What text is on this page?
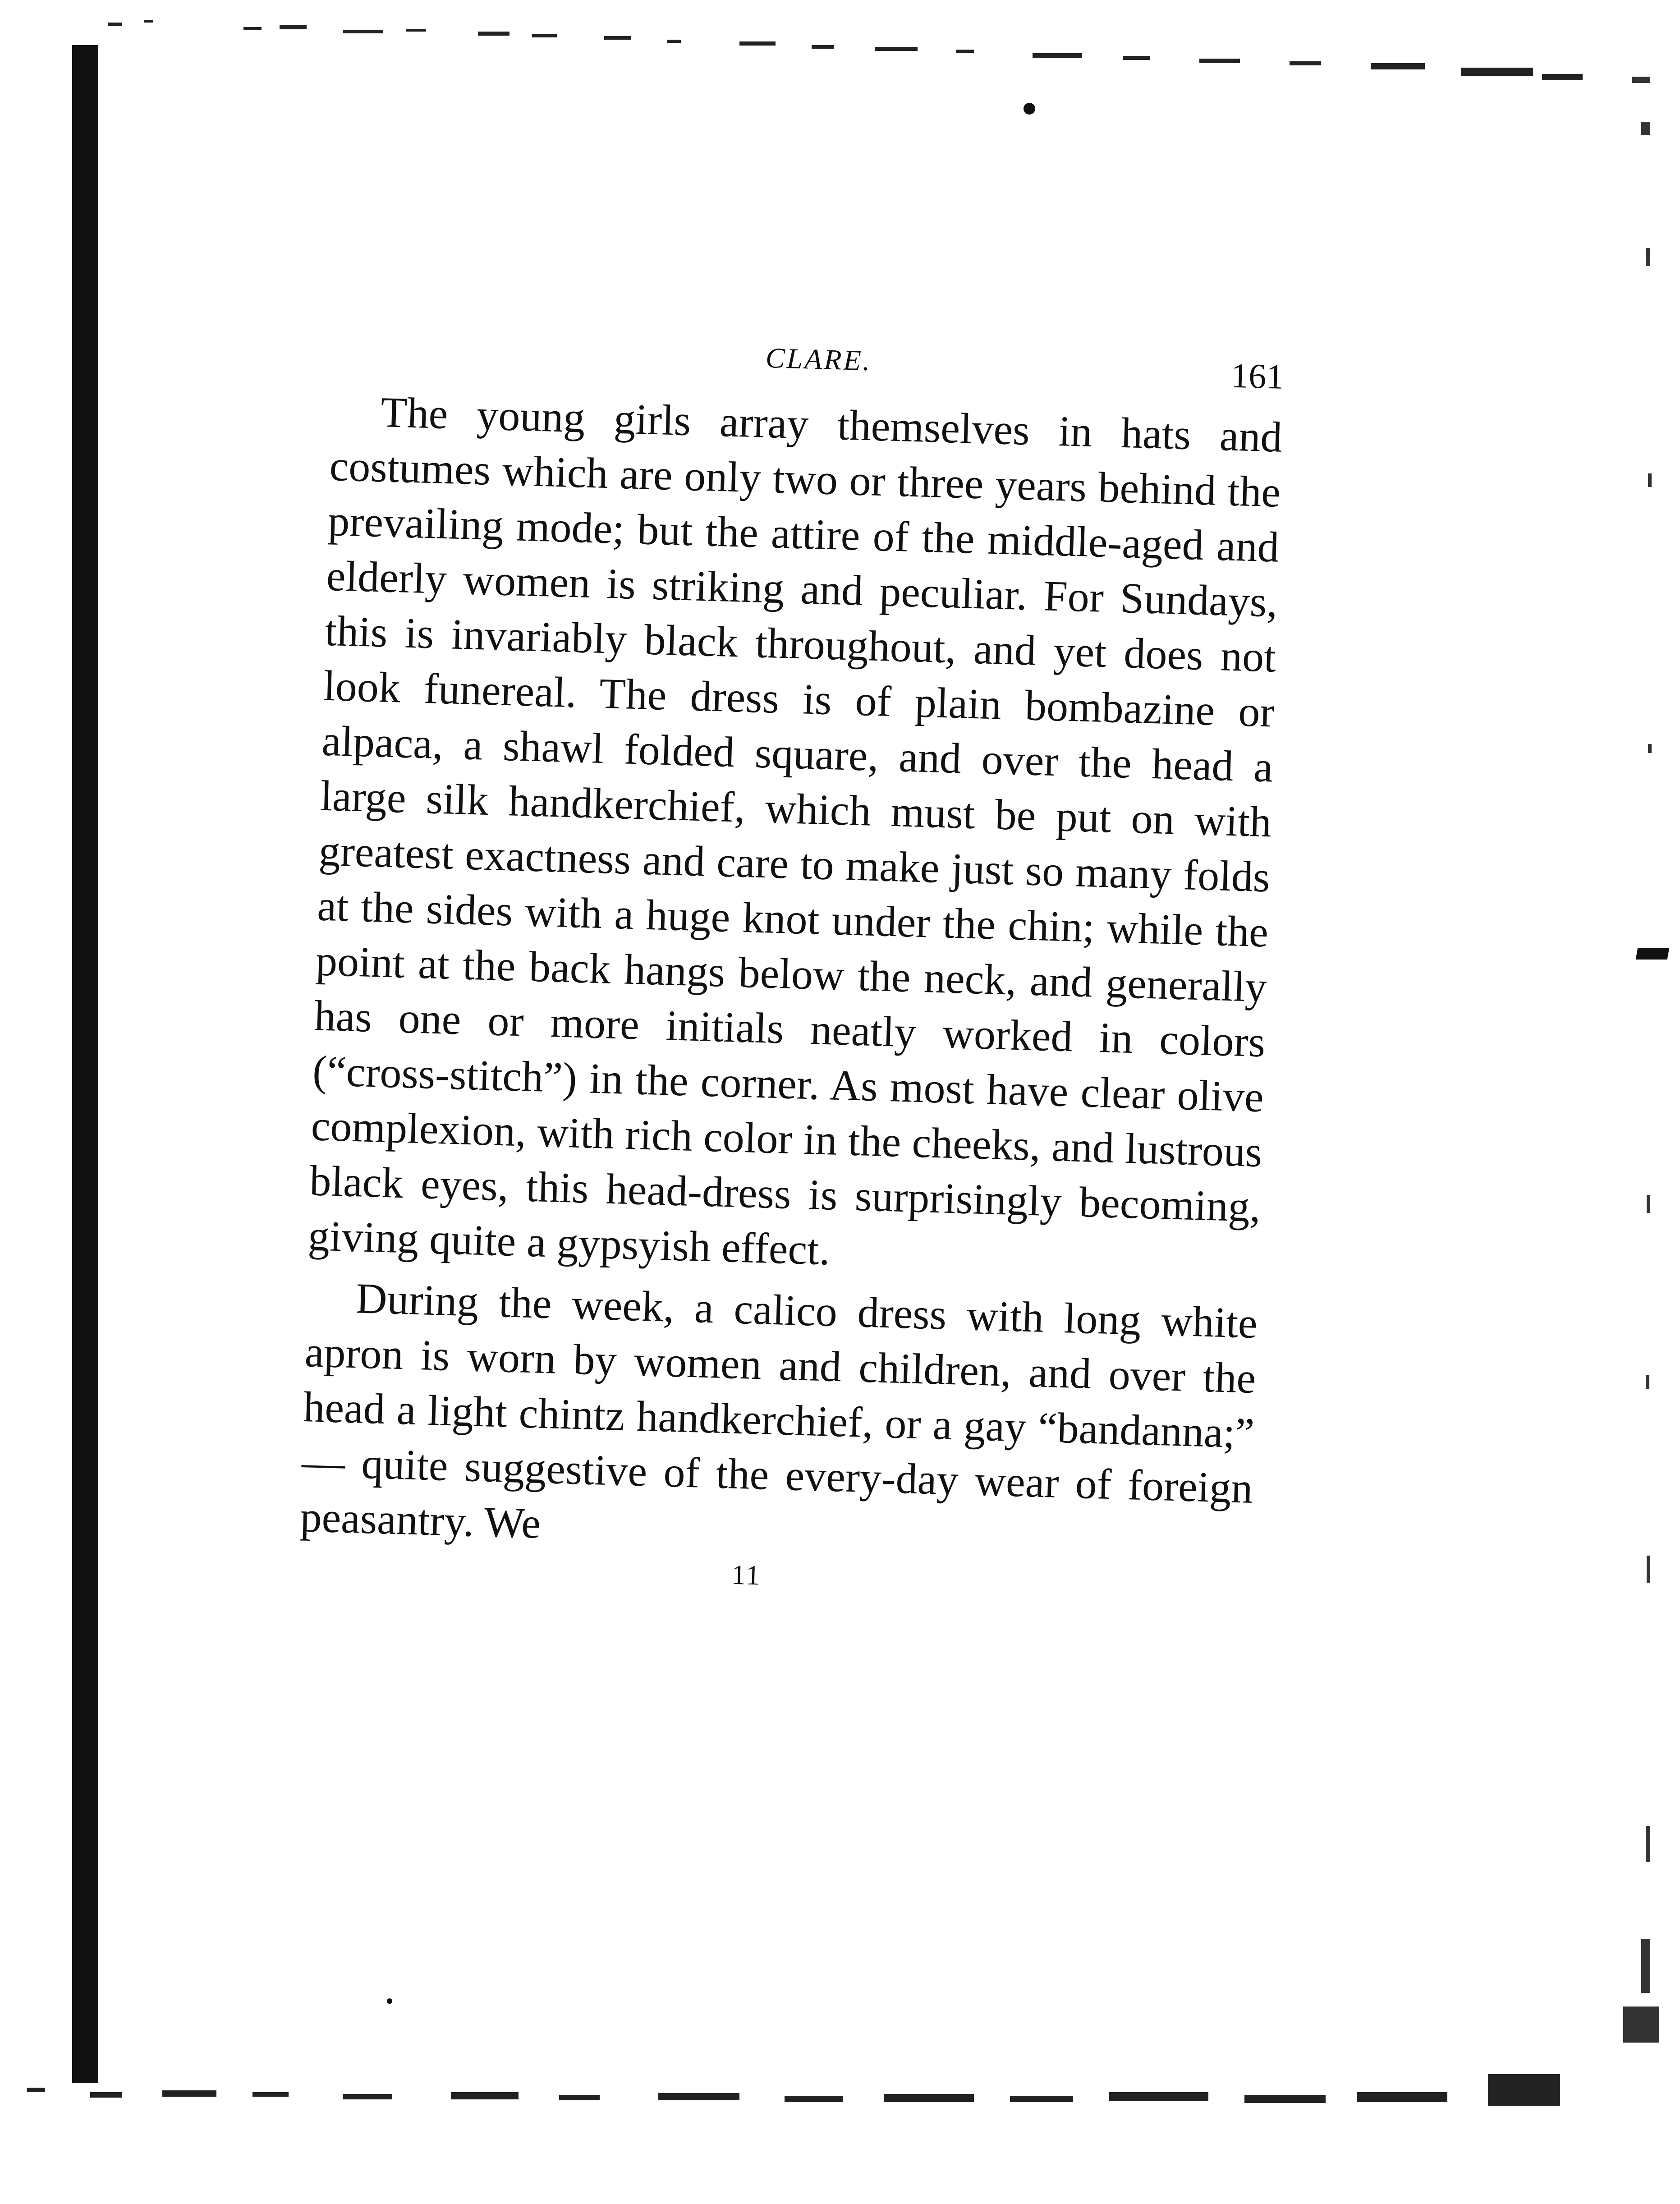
CLARE.	161

The young girls array themselves in hats and costumes which are only two or three years behind the prevailing mode; but the attire of the middle-aged and elderly women is striking and peculiar. For Sundays, this is invariably black throughout, and yet does not look funereal. The dress is of plain bombazine or alpaca, a shawl folded square, and over the head a large silk handkerchief, which must be put on with greatest exactness and care to make just so many folds at the sides with a huge knot under the chin; while the point at the back hangs below the neck, and generally has one or more initials neatly worked in colors (“cross-stitch”) in the corner. As most have clear olive complexion, with rich color in the cheeks, and lustrous black eyes, this head-dress is surprisingly becoming, giving quite a gypsyish effect.

During the week, a calico dress with long white apron is worn by women and children, and over the head a light chintz handkerchief, or a gay “bandanna;” — quite suggestive of the every-day wear of foreign peasantry. We

11
